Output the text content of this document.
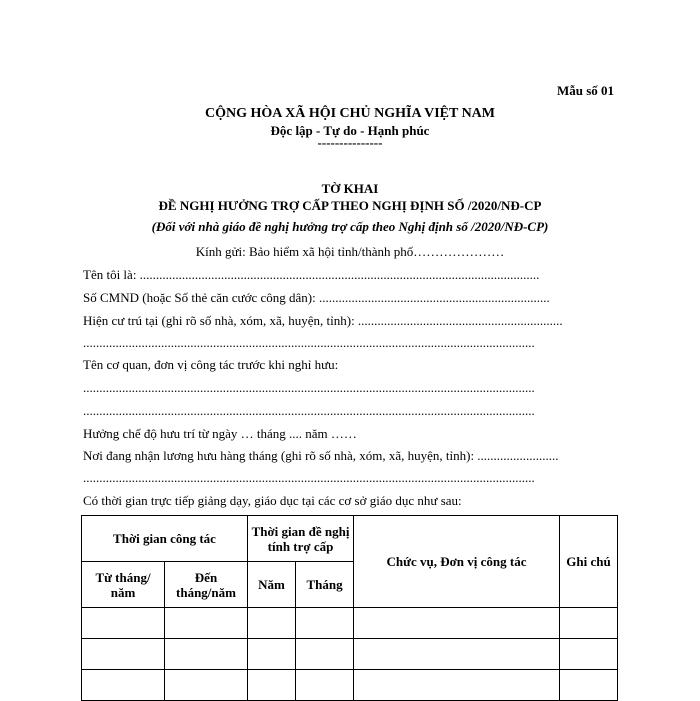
Mẫu số 01
CỘNG HÒA XÃ HỘI CHỦ NGHĨA VIỆT NAM
Độc lập - Tự do - Hạnh phúc
---------------
TỜ KHAI
ĐỀ NGHỊ HƯỞNG TRỢ CẤP THEO NGHỊ ĐỊNH SỐ /2020/NĐ-CP
(Đối với nhà giáo đề nghị hưởng trợ cấp theo Nghị định số /2020/NĐ-CP)
Kính gửi: Bảo hiểm xã hội tỉnh/thành phố…………………
Tên tôi là: ...........................................................................................................................
Số CMND (hoặc Số thẻ căn cước công dân): .......................................................................
Hiện cư trú tại (ghi rõ số nhà, xóm, xã, huyện, tỉnh): ...............................................................
...........................................................................................................................................
Tên cơ quan, đơn vị công tác trước khi nghỉ hưu:
...........................................................................................................................................
...........................................................................................................................................
Hưởng chế độ hưu trí từ ngày … tháng .... năm ……
Nơi đang nhận lương hưu hàng tháng (ghi rõ số nhà, xóm, xã, huyện, tỉnh): .........................
...........................................................................................................................................
Có thời gian trực tiếp giảng dạy, giáo dục tại các cơ sở giáo dục như sau:
Thời gian công tác		Thời gian đề nghị tính trợ cấp		Chức vụ, Đơn vị công tác	Ghi chú
Từ tháng/ năm	Đến tháng/năm	Năm	Tháng		
